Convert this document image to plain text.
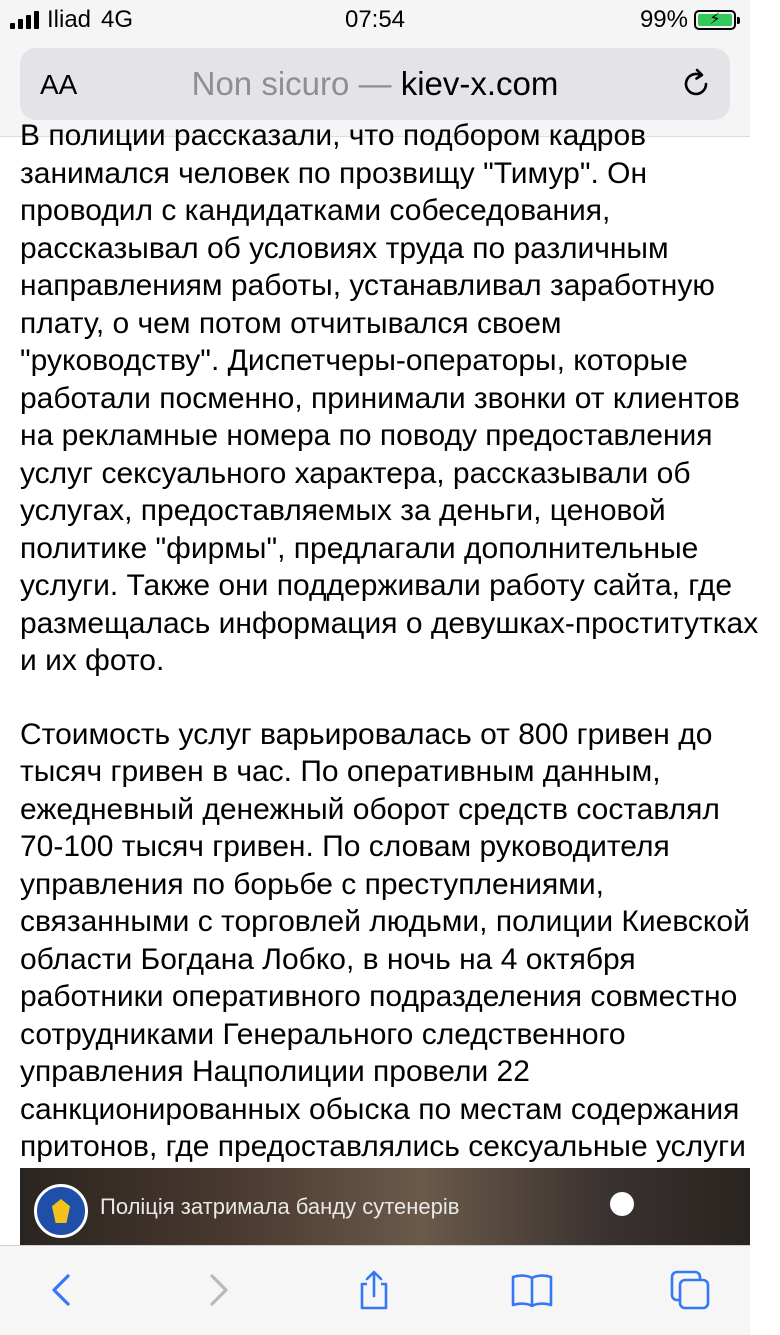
Iliad 4G	07:54	99%	⚡
AA	Non sicuro — kiev-x.com

В полиции рассказали, что подбором кадров

занимался человек по прозвищу "Тимур". Он

проводил с кандидатками собеседования,

рассказывал об условиях труда по различным

направлениям работы, устанавливал заработную

плату, о чем потом отчитывался своем

"руководству". Диспетчеры-операторы, которые

работали посменно, принимали звонки от клиентов

на рекламные номера по поводу предоставления

услуг сексуального характера, рассказывали об

услугах, предоставляемых за деньги, ценовой

политике "фирмы", предлагали дополнительные

услуги. Также они поддерживали работу сайта, где

размещалась информация о девушках-проститутках

и их фото.

Стоимость услуг варьировалась от 800 гривен до

тысяч гривен в час. По оперативным данным,

ежедневный денежный оборот средств составлял

70-100 тысяч гривен. По словам руководителя

управления по борьбе с преступлениями,

связанными с торговлей людьми, полиции Киевской

области Богдана Лобко, в ночь на 4 октября

работники оперативного подразделения совместно

сотрудниками Генерального следственного

управления Нацполиции провели 22

санкционированных обыска по местам содержания

притонов, где предоставлялись сексуальные услуги

Поліція затримала банду сутенерів
